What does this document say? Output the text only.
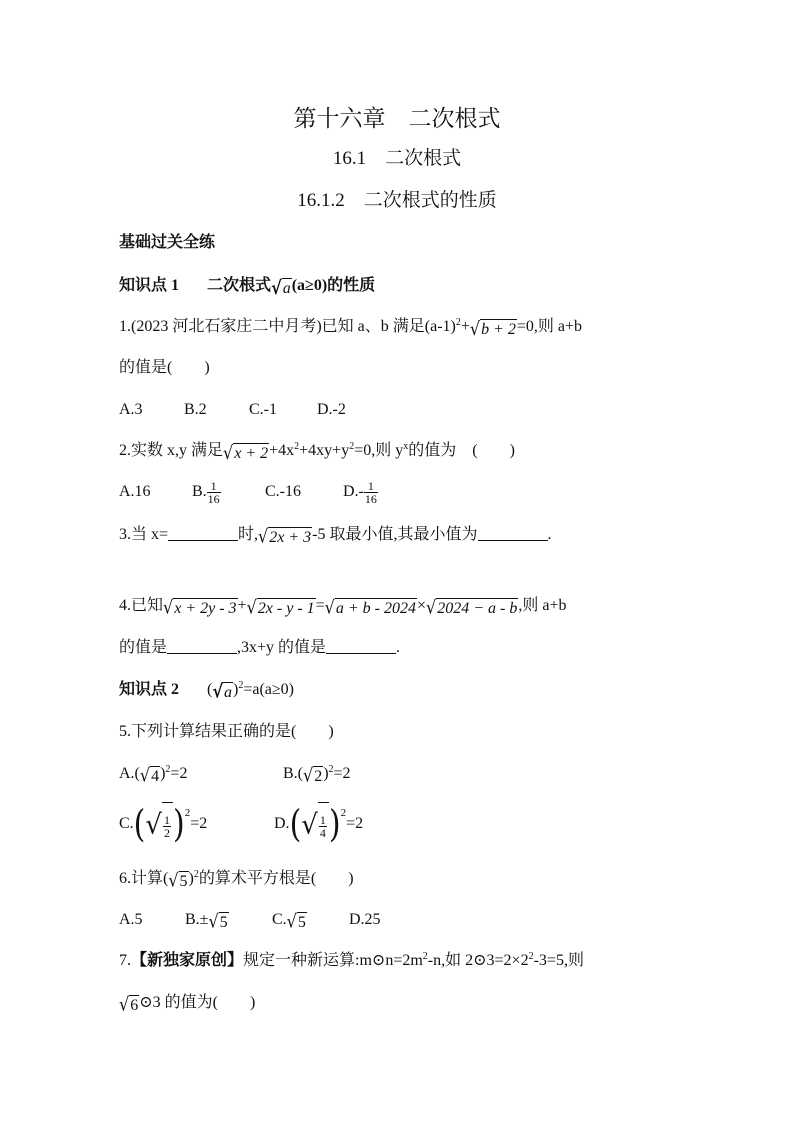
第十六章　二次根式
16.1　二次根式
16.1.2　二次根式的性质
基础过关全练
知识点 1 二次根式√a(a≥0)的性质
1.(2023 河北石家庄二中月考)已知 a、b 满足$(a-1)^2+√b + 2=0$,则 a+b
的值是(　　)
A.3	B.2	C.-1	D.-2
2.实数 x,y 满足$√x + 2+4x^2+4xy+y^2=0$,则 $y^x$的值为　(　　)
A.16	B. $\frac{1}{16}$	C.-16	$D.- \frac{1}{16}$
3.当 x=	时,√2x + 3-5 取最小值,其最小值为	.
4.已知√x + 2y - 3+√2x - y - 1=√a + b - 2024×√2024 − a - b,则 a+b
的值是	,3x+y 的值是	.
知识点 2 $(√a)^2=a(a\ge 0)$
5.下列计算结果正确的是(　　)
$A.(√4)^2=2$	$B.(√2)^2=2$
$C.(√ \frac{1}{2} )^2=2$	$D.(√ \frac{1}{4} )^2=2$
6.计算$(√5)^2$的算术平方根是(　　)
A.5	B.±√5	C.√5	D.25
7.【新独家原创】规定一种新运算$:m⊙n=2m^2-n$,如 $2⊙3=2\times 2^2-3=5$,则
√6⊙3 的值为(　　)
